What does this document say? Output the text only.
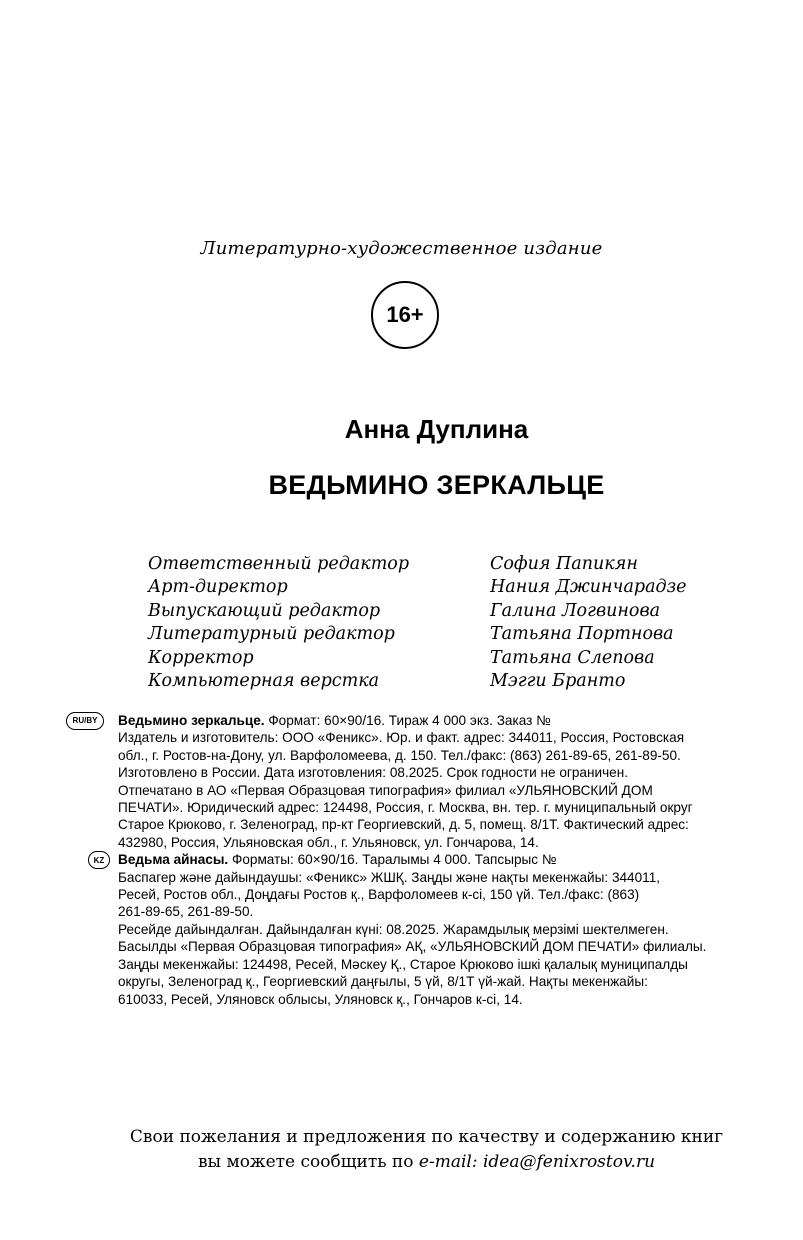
Литературно-художественное издание
16+
Анна Дуплина
ВЕДЬМИНО ЗЕРКАЛЬЦЕ
Ответственный редактор	София Папикян
Арт-директор	Нания Джинчарадзе
Выпускающий редактор	Галина Логвинова
Литературный редактор	Татьяна Портнова
Корректор	Татьяна Слепова
Компьютерная верстка	Мэгги Бранто
RU/BY	Ведьмино зеркальце. Формат: 60×90/16. Тираж 4 000 экз. Заказ №
Издатель и изготовитель: ООО «Феникс». Юр. и факт. адрес: 344011, Россия, Ростовская
обл., г. Ростов-на-Дону, ул. Варфоломеева, д. 150. Тел./факс: (863) 261-89-65, 261-89-50.
Изготовлено в России. Дата изготовления: 08.2025. Срок годности не ограничен.
Отпечатано в АО «Первая Образцовая типография» филиал «УЛЬЯНОВСКИЙ ДОМ
ПЕЧАТИ». Юридический адрес: 124498, Россия, г. Москва, вн. тер. г. муниципальный округ
Старое Крюково, г. Зеленоград, пр-кт Георгиевский, д. 5, помещ. 8/1Т. Фактический адрес:
432980, Россия, Ульяновская обл., г. Ульяновск, ул. Гончарова, 14.
KZ	Ведьма айнасы. Форматы: 60×90/16. Таралымы 4 000. Тапсырыс №
Баспагер және дайындаушы: «Феникс» ЖШҚ. Заңды және нақты мекенжайы: 344011,
Ресей, Ростов обл., Доңдағы Ростов қ., Варфоломеев к-сі, 150 үй. Тел./факс: (863)
261-89-65, 261-89-50.
Ресейде дайындалған. Дайындалған күні: 08.2025. Жарамдылық мерзімі шектелмеген.
Басылды «Первая Образцовая типография» АҚ, «УЛЬЯНОВСКИЙ ДОМ ПЕЧАТИ» филиалы.
Заңды мекенжайы: 124498, Ресей, Мәскеу Қ., Старое Крюково ішкі қалалық муниципалды
округы, Зеленоград қ., Георгиевский даңғылы, 5 үй, 8/1Т үй-жай. Нақты мекенжайы:
610033, Ресей, Уляновск облысы, Уляновск қ., Гончаров к-сі, 14.
Свои пожелания и предложения по качеству и содержанию книг
вы можете сообщить по e-mail: idea@fenixrostov.ru
